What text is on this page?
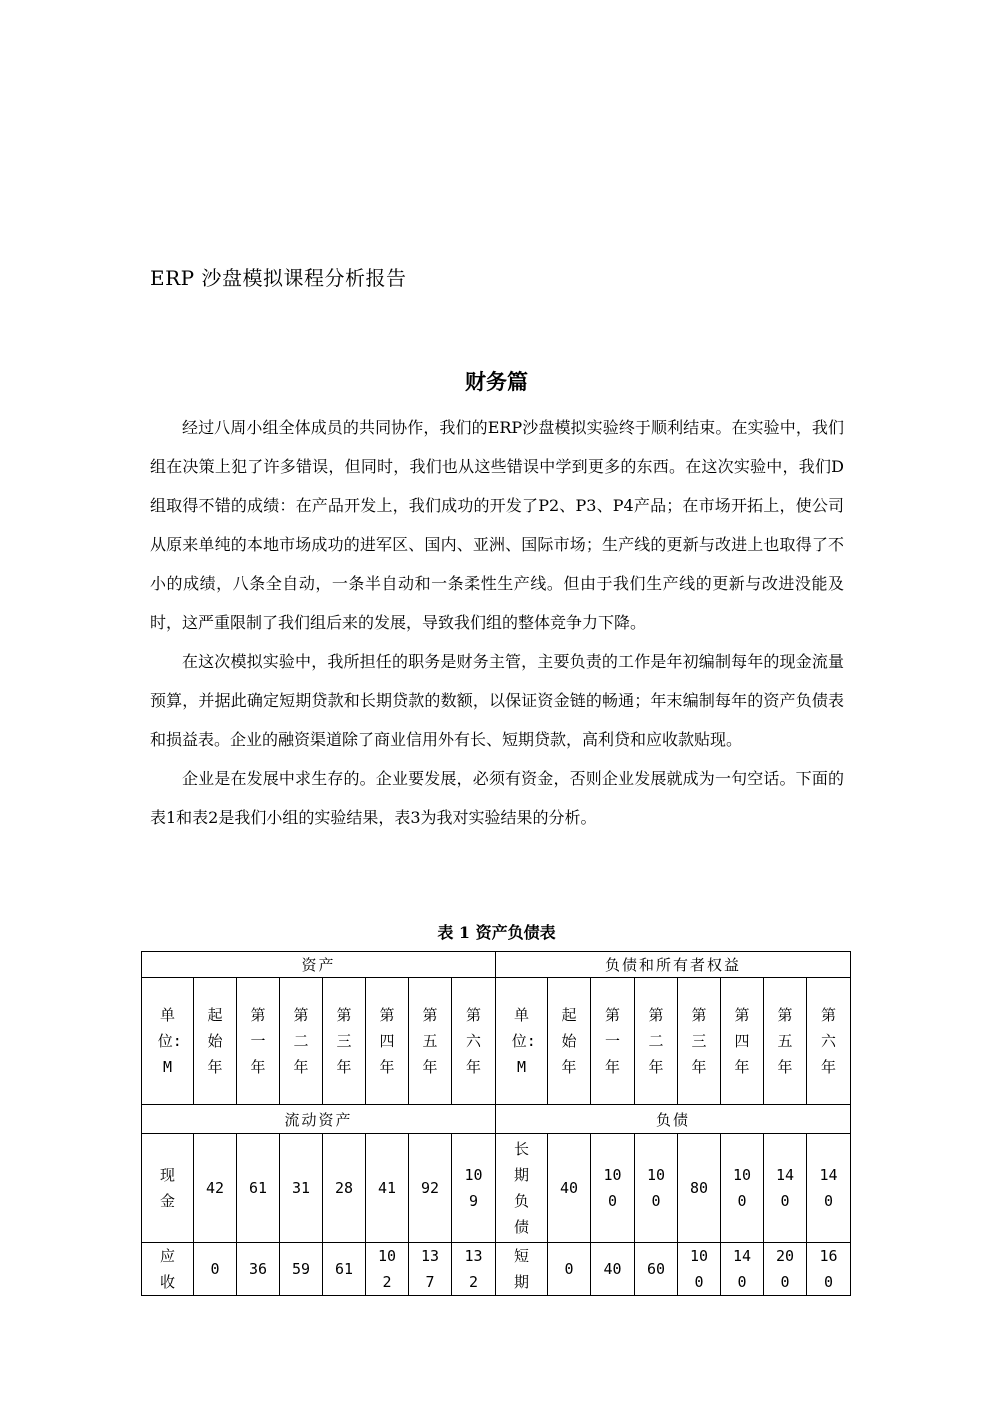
ERP 沙盘模拟课程分析报告
财务篇

经过八周小组全体成员的共同协作，我们的ERP沙盘模拟实验终于顺利结束。在实验中，我们组在决策上犯了许多错误，但同时，我们也从这些错误中学到更多的东西。在这次实验中，我们D组取得不错的成绩：在产品开发上，我们成功的开发了P2、P3、P4产品；在市场开拓上，使公司从原来单纯的本地市场成功的进军区、国内、亚洲、国际市场；生产线的更新与改进上也取得了不小的成绩，八条全自动，一条半自动和一条柔性生产线。但由于我们生产线的更新与改进没能及时，这严重限制了我们组后来的发展，导致我们组的整体竞争力下降。

在这次模拟实验中，我所担任的职务是财务主管，主要负责的工作是年初编制每年的现金流量预算，并据此确定短期贷款和长期贷款的数额，以保证资金链的畅通；年末编制每年的资产负债表和损益表。企业的融资渠道除了商业信用外有长、短期贷款，高利贷和应收款贴现。

企业是在发展中求生存的。企业要发展，必须有资金，否则企业发展就成为一句空话。下面的表1和表2是我们小组的实验结果，表3为我对实验结果的分析。

表 1 资产负债表
资产								负债和所有者权益							

单位:M	起始年	第一年	第二年	第三年	第四年	第五年	第六年	单位:M	起始年	第一年	第二年	第三年	第四年	第五年	第六年

流动资产								负债							

现金	42	61	31	28	41	92	109	长期负债	40	100	100	80	100	140	140

应收	0	36	59	61	102	137	132	短期	0	40	60	100	140	200	160
